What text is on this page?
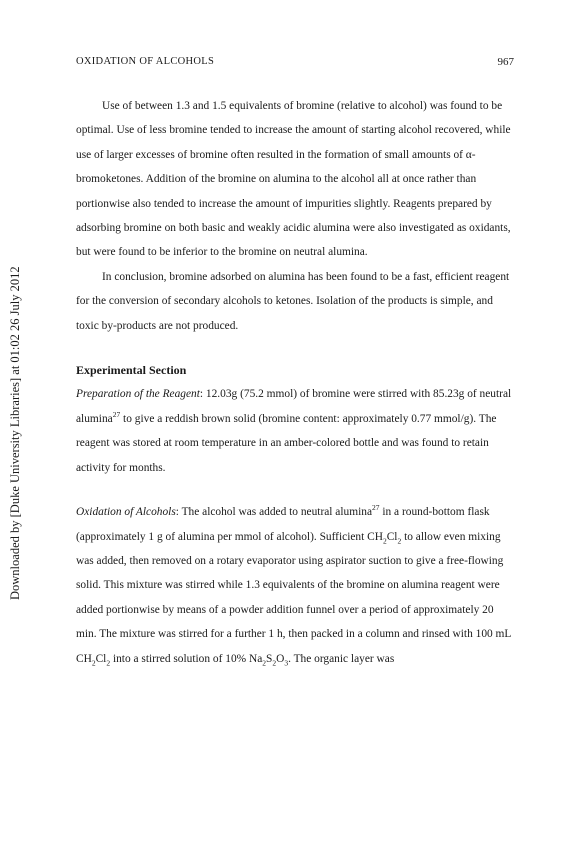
OXIDATION OF ALCOHOLS	967
Downloaded by [Duke University Libraries] at 01:02 26 July 2012

Use of between 1.3 and 1.5 equivalents of bromine (relative to alcohol) was found to be optimal. Use of less bromine tended to increase the amount of starting alcohol recovered, while use of larger excesses of bromine often resulted in the formation of small amounts of α-bromoketones. Addition of the bromine on alumina to the alcohol all at once rather than portionwise also tended to increase the amount of impurities slightly. Reagents prepared by adsorbing bromine on both basic and weakly acidic alumina were also investigated as oxidants, but were found to be inferior to the bromine on neutral alumina.

In conclusion, bromine adsorbed on alumina has been found to be a fast, efficient reagent for the conversion of secondary alcohols to ketones. Isolation of the products is simple, and toxic by-products are not produced.

Experimental Section

Preparation of the Reagent: 12.03g (75.2 mmol) of bromine were stirred with 85.23g of neutral alumina$^{27}$ to give a reddish brown solid (bromine content: approximately 0.77 mmol/g). The reagent was stored at room temperature in an amber-colored bottle and was found to retain activity for months.

Oxidation of Alcohols: The alcohol was added to neutral alumina$^{27}$ in a round-bottom flask (approximately 1 g of alumina per mmol of alcohol). Sufficient $CH_2Cl_2$ to allow even mixing was added, then removed on a rotary evaporator using aspirator suction to give a free-flowing solid. This mixture was stirred while 1.3 equivalents of the bromine on alumina reagent were added portionwise by means of a powder addition funnel over a period of approximately 20 min. The mixture was stirred for a further 1 h, then packed in a column and rinsed with 100 mL $CH_2Cl_2$ into a stirred solution of 10% $Na_2S_2O_3$. The organic layer was
